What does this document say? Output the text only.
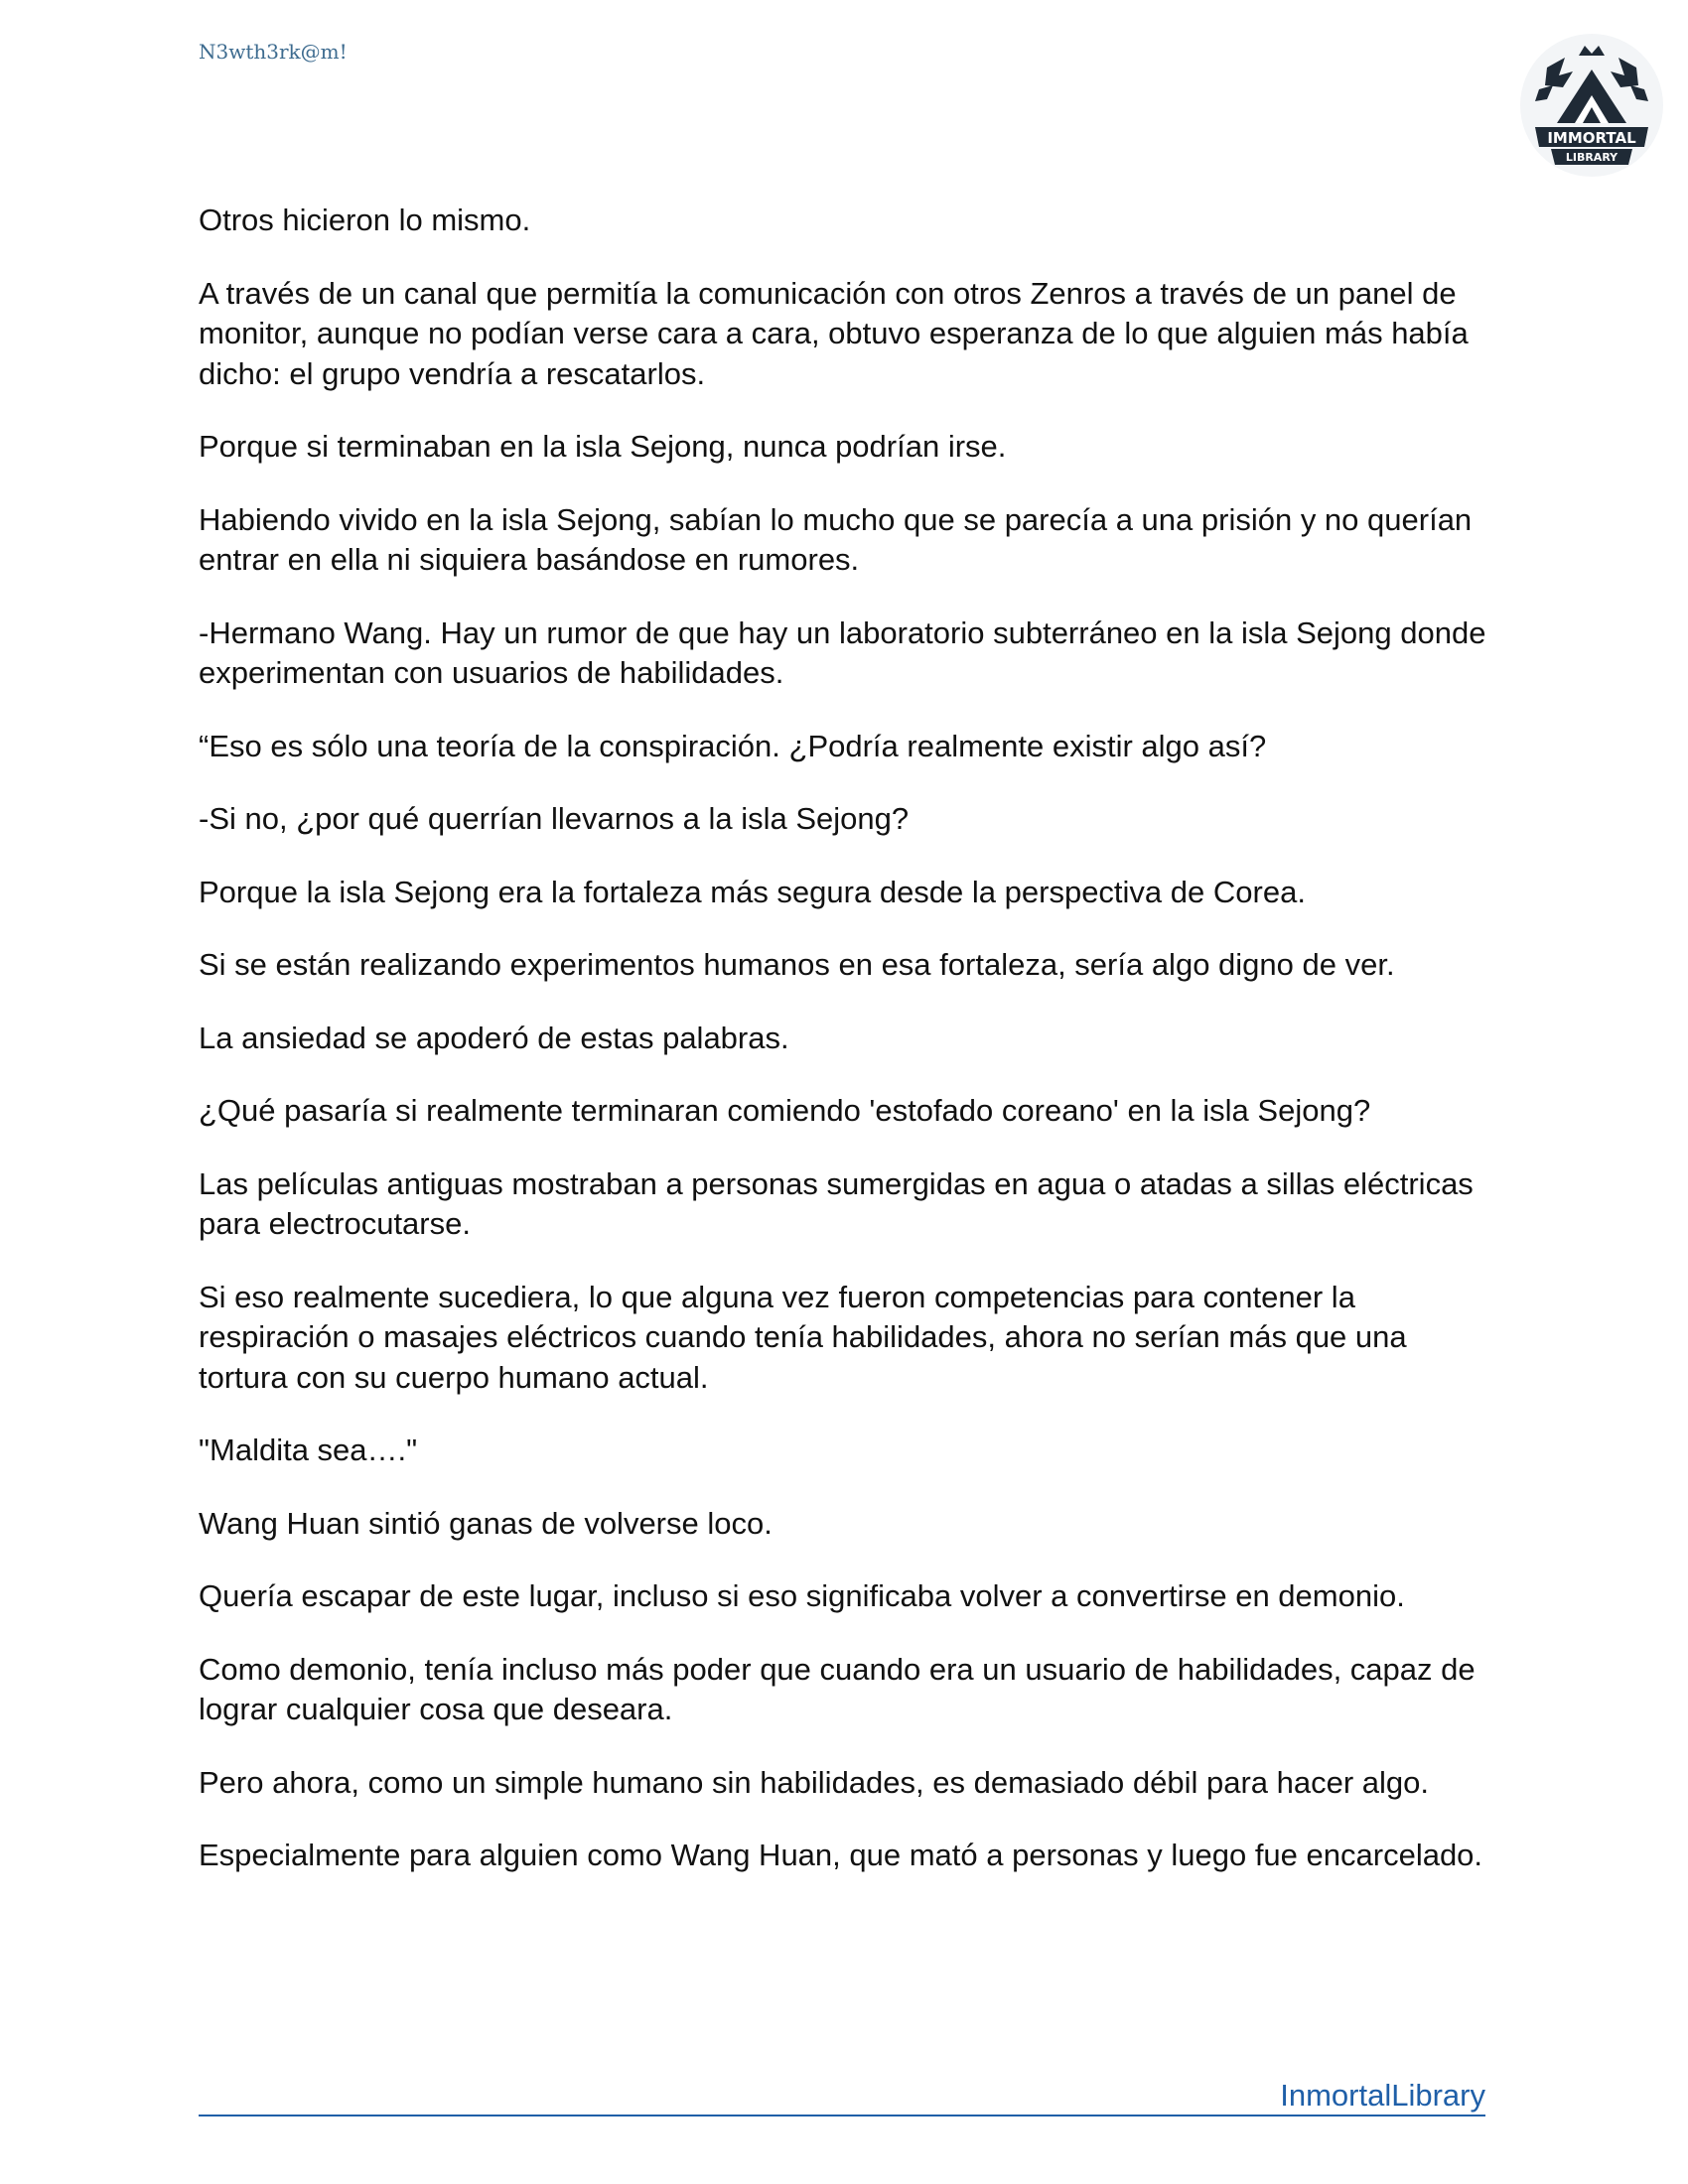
N3wth3rk@m!
IMMORTAL
LIBRARY

Otros hicieron lo mismo.

A través de un canal que permitía la comunicación con otros Zenros a través de un panel de monitor, aunque no podían verse cara a cara, obtuvo esperanza de lo que alguien más había dicho: el grupo vendría a rescatarlos.

Porque si terminaban en la isla Sejong, nunca podrían irse.

Habiendo vivido en la isla Sejong, sabían lo mucho que se parecía a una prisión y no querían entrar en ella ni siquiera basándose en rumores.

-Hermano Wang. Hay un rumor de que hay un laboratorio subterráneo en la isla Sejong donde experimentan con usuarios de habilidades.

“Eso es sólo una teoría de la conspiración. ¿Podría realmente existir algo así?

-Si no, ¿por qué querrían llevarnos a la isla Sejong?

Porque la isla Sejong era la fortaleza más segura desde la perspectiva de Corea.

Si se están realizando experimentos humanos en esa fortaleza, sería algo digno de ver.

La ansiedad se apoderó de estas palabras.

¿Qué pasaría si realmente terminaran comiendo 'estofado coreano' en la isla Sejong?

Las películas antiguas mostraban a personas sumergidas en agua o atadas a sillas eléctricas para electrocutarse.

Si eso realmente sucediera, lo que alguna vez fueron competencias para contener la respiración o masajes eléctricos cuando tenía habilidades, ahora no serían más que una tortura con su cuerpo humano actual.

"Maldita sea…."

Wang Huan sintió ganas de volverse loco.

Quería escapar de este lugar, incluso si eso significaba volver a convertirse en demonio.

Como demonio, tenía incluso más poder que cuando era un usuario de habilidades, capaz de lograr cualquier cosa que deseara.

Pero ahora, como un simple humano sin habilidades, es demasiado débil para hacer algo.

Especialmente para alguien como Wang Huan, que mató a personas y luego fue encarcelado.

InmortalLibrary
